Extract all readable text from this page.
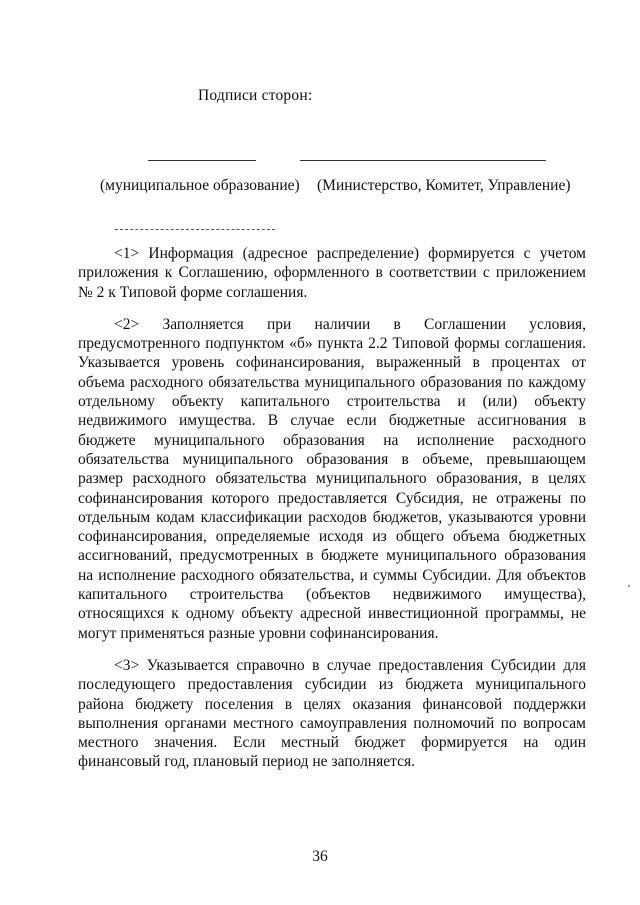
Подписи сторон:
(муниципальное образование) (Министерство, Комитет, Управление)

<1> Информация (адресное распределение) формируется с учетом приложения к Соглашению, оформленного в соответствии с приложением № 2 к Типовой форме соглашения.

<2> Заполняется при наличии в Соглашении условия, предусмотренного подпунктом «б» пункта 2.2 Типовой формы соглашения. Указывается уровень софинансирования, выраженный в процентах от объема расходного обязательства муниципального образования по каждому отдельному объекту капитального строительства и (или) объекту недвижимого имущества. В случае если бюджетные ассигнования в бюджете муниципального образования на исполнение расходного обязательства муниципального образования в объеме, превышающем размер расходного обязательства муниципального образования, в целях софинансирования которого предоставляется Субсидия, не отражены по отдельным кодам классификации расходов бюджетов, указываются уровни софинансирования, определяемые исходя из общего объема бюджетных ассигнований, предусмотренных в бюджете муниципального образования на исполнение расходного обязательства, и суммы Субсидии. Для объектов капитального строительства (объектов недвижимого имущества), относящихся к одному объекту адресной инвестиционной программы, не могут применяться разные уровни софинансирования.

<3> Указывается справочно в случае предоставления Субсидии для последующего предоставления субсидии из бюджета муниципального района бюджету поселения в целях оказания финансовой поддержки выполнения органами местного самоуправления полномочий по вопросам местного значения. Если местный бюджет формируется на один финансовый год, плановый период не заполняется.

36
